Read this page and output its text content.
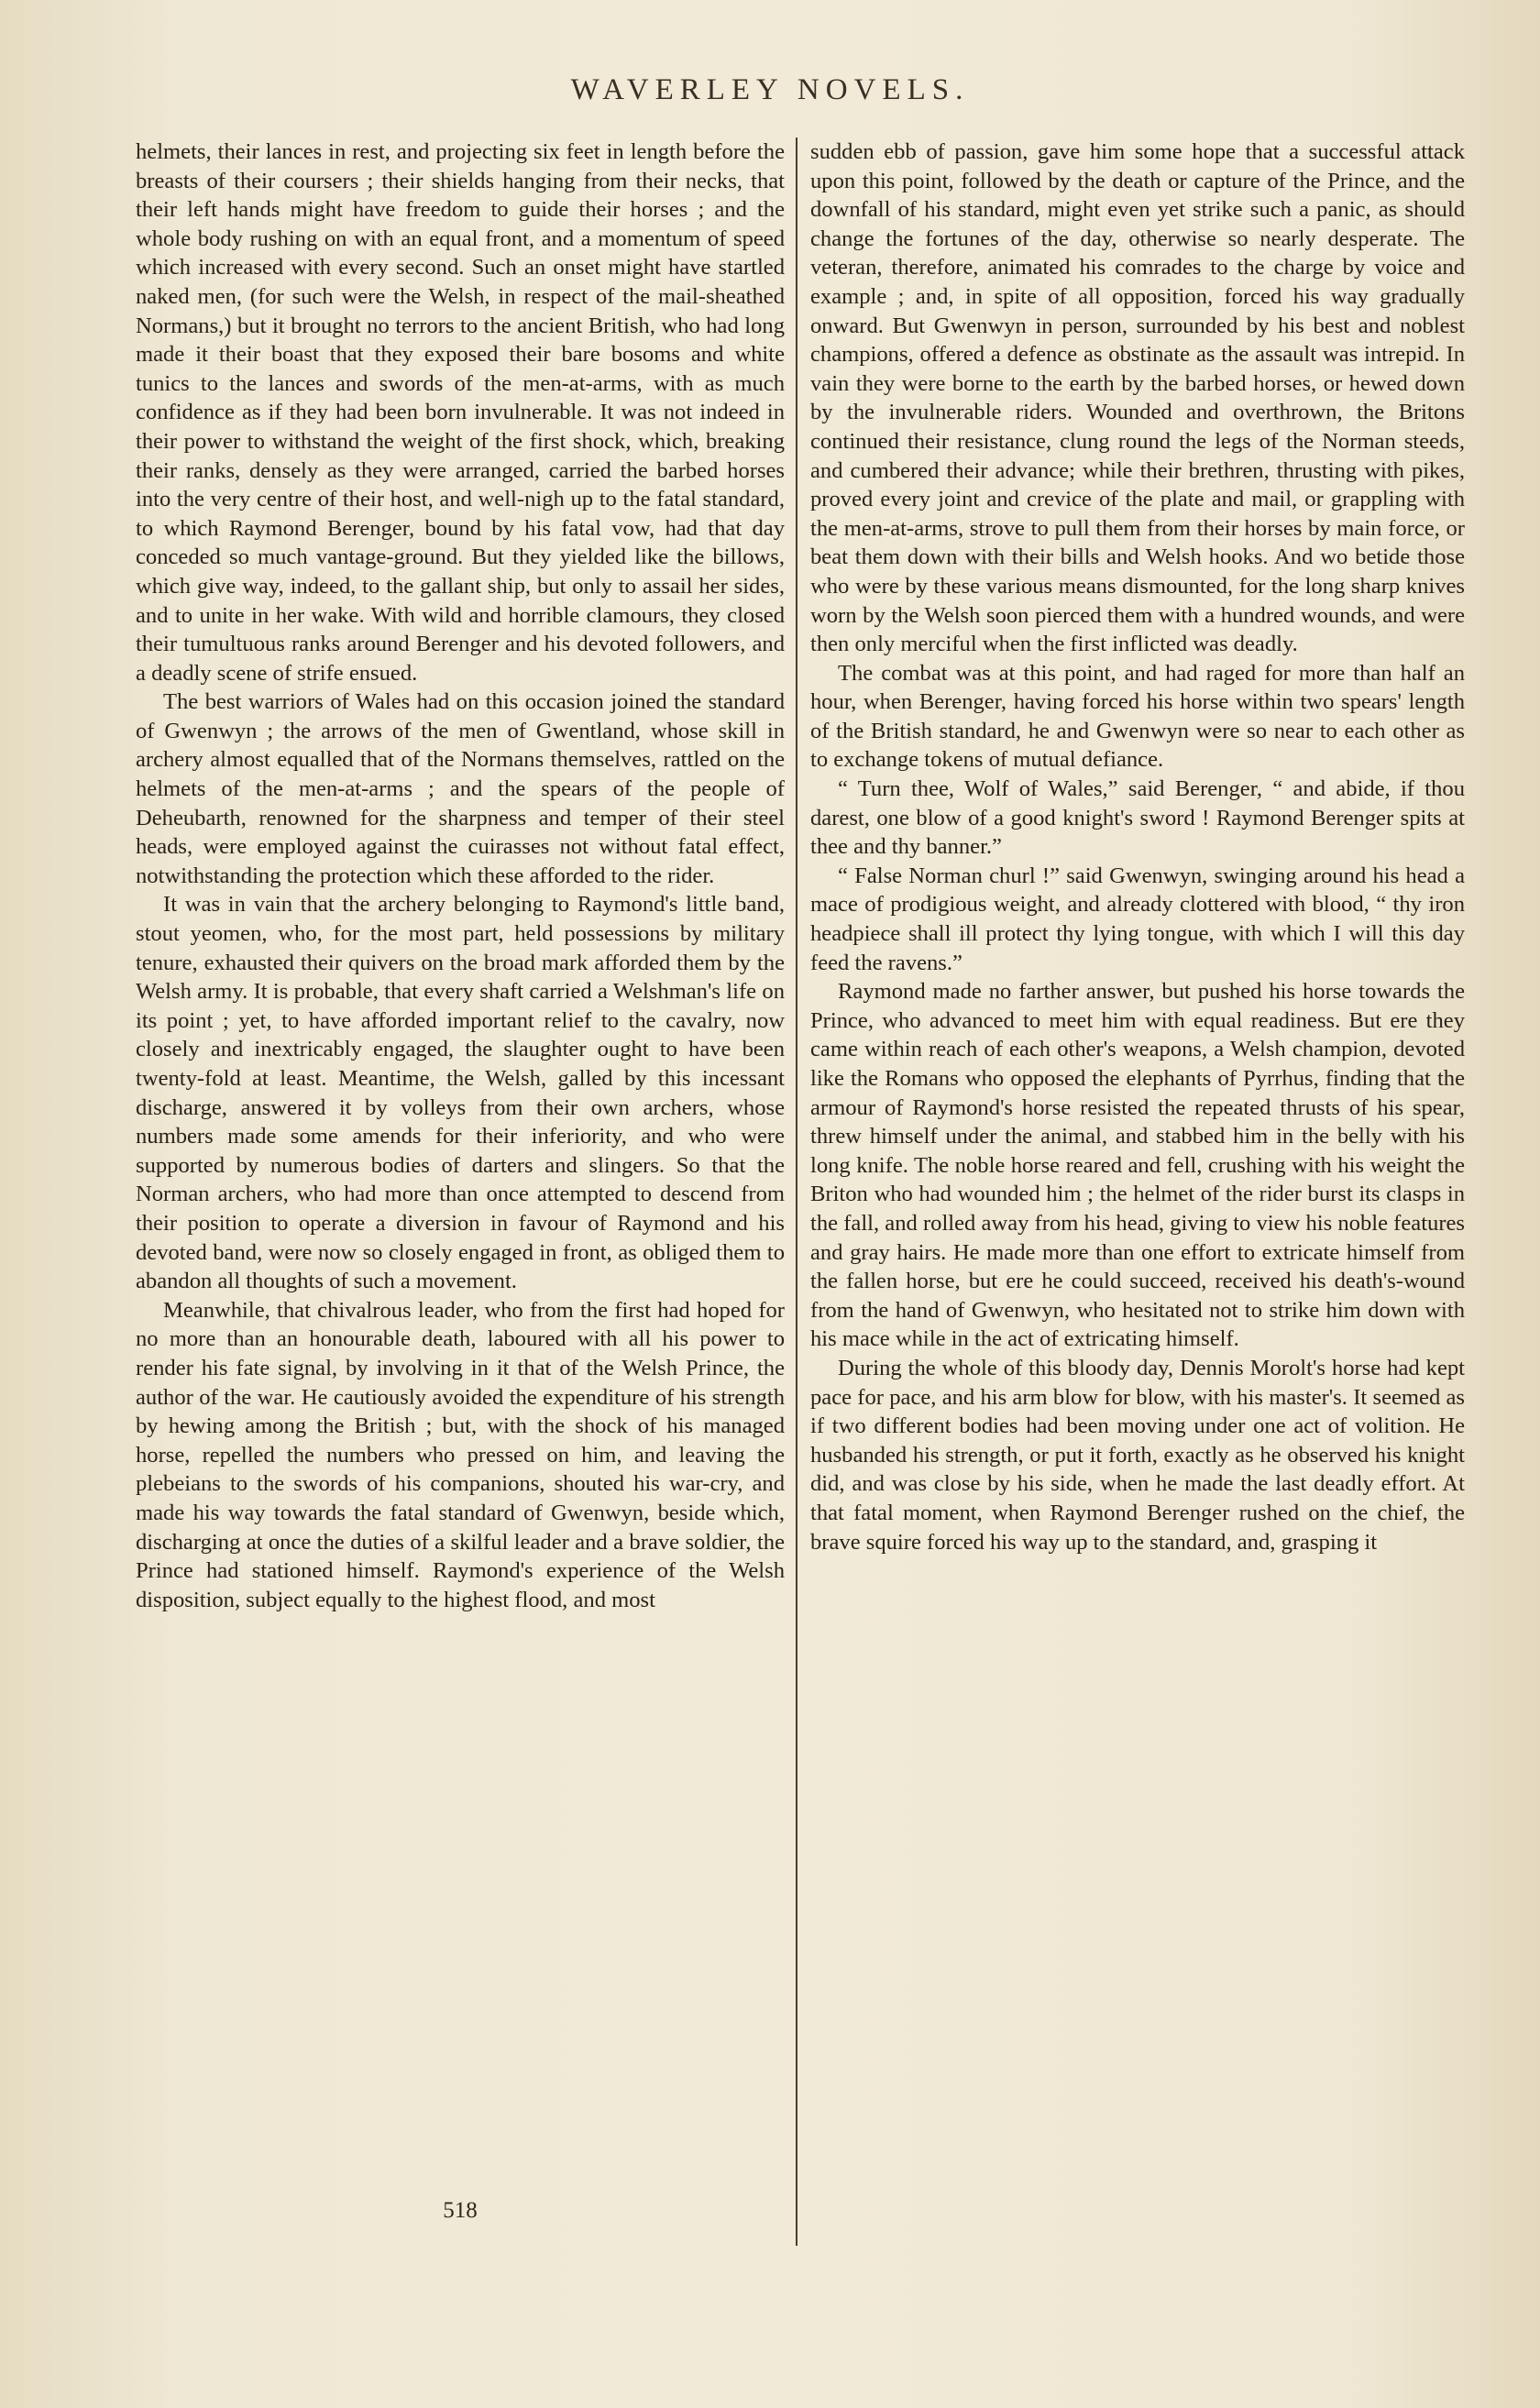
WAVERLEY NOVELS.

helmets, their lances in rest, and projecting six feet in length before the breasts of their coursers ; their shields hanging from their necks, that their left hands might have freedom to guide their horses ; and the whole body rushing on with an equal front, and a momentum of speed which increased with every second. Such an onset might have startled naked men, (for such were the Welsh, in respect of the mail-sheathed Normans,) but it brought no terrors to the ancient British, who had long made it their boast that they exposed their bare bosoms and white tunics to the lances and swords of the men-at-arms, with as much confidence as if they had been born invulnerable. It was not indeed in their power to withstand the weight of the first shock, which, breaking their ranks, densely as they were arranged, carried the barbed horses into the very centre of their host, and well-nigh up to the fatal standard, to which Raymond Berenger, bound by his fatal vow, had that day conceded so much vantage-ground. But they yielded like the billows, which give way, indeed, to the gallant ship, but only to assail her sides, and to unite in her wake. With wild and horrible clamours, they closed their tumultuous ranks around Berenger and his devoted followers, and a deadly scene of strife ensued.

The best warriors of Wales had on this occasion joined the standard of Gwenwyn ; the arrows of the men of Gwentland, whose skill in archery almost equalled that of the Normans themselves, rattled on the helmets of the men-at-arms ; and the spears of the people of Deheubarth, renowned for the sharpness and temper of their steel heads, were employed against the cuirasses not without fatal effect, notwithstanding the protection which these afforded to the rider.

It was in vain that the archery belonging to Raymond's little band, stout yeomen, who, for the most part, held possessions by military tenure, exhausted their quivers on the broad mark afforded them by the Welsh army. It is probable, that every shaft carried a Welshman's life on its point ; yet, to have afforded important relief to the cavalry, now closely and inextricably engaged, the slaughter ought to have been twenty-fold at least. Meantime, the Welsh, galled by this incessant discharge, answered it by volleys from their own archers, whose numbers made some amends for their inferiority, and who were supported by numerous bodies of darters and slingers. So that the Norman archers, who had more than once attempted to descend from their position to operate a diversion in favour of Raymond and his devoted band, were now so closely engaged in front, as obliged them to abandon all thoughts of such a movement.

Meanwhile, that chivalrous leader, who from the first had hoped for no more than an honourable death, laboured with all his power to render his fate signal, by involving in it that of the Welsh Prince, the author of the war. He cautiously avoided the expenditure of his strength by hewing among the British ; but, with the shock of his managed horse, repelled the numbers who pressed on him, and leaving the plebeians to the swords of his companions, shouted his war-cry, and made his way towards the fatal standard of Gwenwyn, beside which, discharging at once the duties of a skilful leader and a brave soldier, the Prince had stationed himself. Raymond's experience of the Welsh disposition, subject equally to the highest flood, and most

sudden ebb of passion, gave him some hope that a successful attack upon this point, followed by the death or capture of the Prince, and the downfall of his standard, might even yet strike such a panic, as should change the fortunes of the day, otherwise so nearly desperate. The veteran, therefore, animated his comrades to the charge by voice and example ; and, in spite of all opposition, forced his way gradually onward. But Gwenwyn in person, surrounded by his best and noblest champions, offered a defence as obstinate as the assault was intrepid. In vain they were borne to the earth by the barbed horses, or hewed down by the invulnerable riders. Wounded and overthrown, the Britons continued their resistance, clung round the legs of the Norman steeds, and cumbered their advance; while their brethren, thrusting with pikes, proved every joint and crevice of the plate and mail, or grappling with the men-at-arms, strove to pull them from their horses by main force, or beat them down with their bills and Welsh hooks. And wo betide those who were by these various means dismounted, for the long sharp knives worn by the Welsh soon pierced them with a hundred wounds, and were then only merciful when the first inflicted was deadly.

The combat was at this point, and had raged for more than half an hour, when Berenger, having forced his horse within two spears' length of the British standard, he and Gwenwyn were so near to each other as to exchange tokens of mutual defiance.

“ Turn thee, Wolf of Wales,” said Berenger, “ and abide, if thou darest, one blow of a good knight's sword ! Raymond Berenger spits at thee and thy banner.”

“ False Norman churl !” said Gwenwyn, swinging around his head a mace of prodigious weight, and already clottered with blood, “ thy iron headpiece shall ill protect thy lying tongue, with which I will this day feed the ravens.”

Raymond made no farther answer, but pushed his horse towards the Prince, who advanced to meet him with equal readiness. But ere they came within reach of each other's weapons, a Welsh champion, devoted like the Romans who opposed the elephants of Pyrrhus, finding that the armour of Raymond's horse resisted the repeated thrusts of his spear, threw himself under the animal, and stabbed him in the belly with his long knife. The noble horse reared and fell, crushing with his weight the Briton who had wounded him ; the helmet of the rider burst its clasps in the fall, and rolled away from his head, giving to view his noble features and gray hairs. He made more than one effort to extricate himself from the fallen horse, but ere he could succeed, received his death's-wound from the hand of Gwenwyn, who hesitated not to strike him down with his mace while in the act of extricating himself.

During the whole of this bloody day, Dennis Morolt's horse had kept pace for pace, and his arm blow for blow, with his master's. It seemed as if two different bodies had been moving under one act of volition. He husbanded his strength, or put it forth, exactly as he observed his knight did, and was close by his side, when he made the last deadly effort. At that fatal moment, when Raymond Berenger rushed on the chief, the brave squire forced his way up to the standard, and, grasping it

518
